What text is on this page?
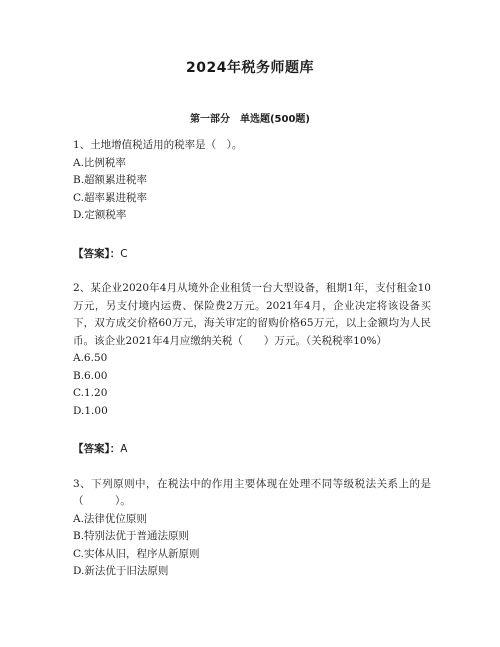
2024年税务师题库
第一部分　单选题(500题)

1、土地增值税适用的税率是（　）。

A.比例税率
B.超额累进税率
C.超率累进税率
D.定额税率
【答案】：C

2、某企业2020年4月从境外企业租赁一台大型设备，租期1年，支付租金10万元，另支付境内运费、保险费2万元。2021年4月，企业决定将该设备买下，双方成交价格60万元，海关审定的留购价格65万元，以上金额均为人民币。该企业2021年4月应缴纳关税（　　）万元。（关税税率10%）

A.6.50
B.6.00
C.1.20
D.1.00
【答案】：A

3、下列原则中，在税法中的作用主要体现在处理不同等级税法关系上的是（　　　）。

A.法律优位原则
B.特别法优于普通法原则
C.实体从旧，程序从新原则
D.新法优于旧法原则
